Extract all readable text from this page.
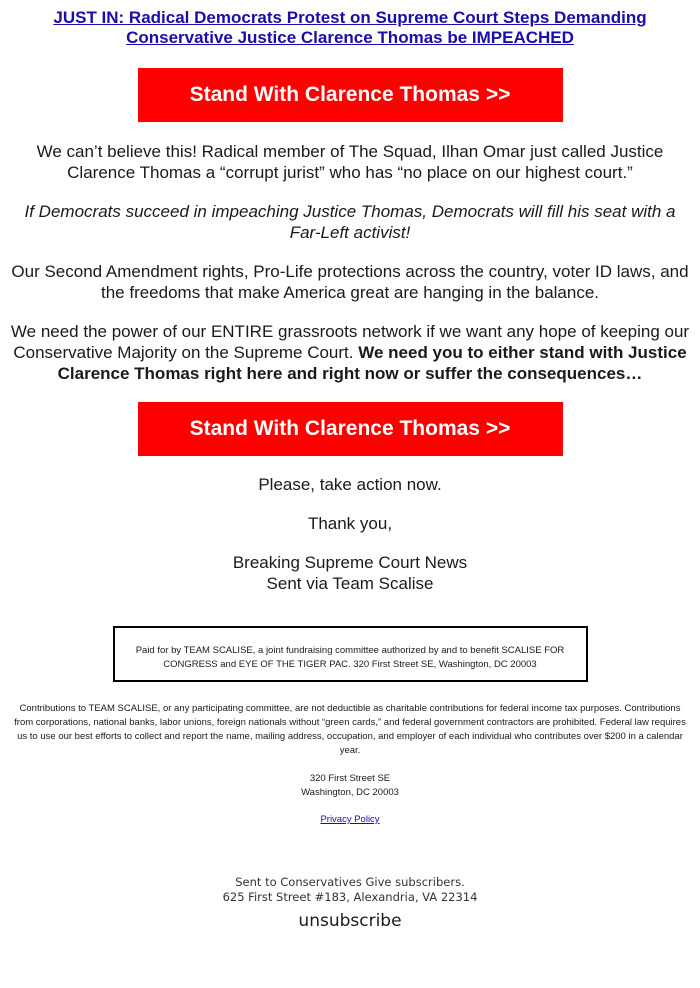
JUST IN: Radical Democrats Protest on Supreme Court Steps Demanding Conservative Justice Clarence Thomas be IMPEACHED
Stand With Clarence Thomas >>

We can’t believe this! Radical member of The Squad, Ilhan Omar just called Justice Clarence Thomas a “corrupt jurist” who has “no place on our highest court.”

If Democrats succeed in impeaching Justice Thomas, Democrats will fill his seat with a Far-Left activist!

Our Second Amendment rights, Pro-Life protections across the country, voter ID laws, and the freedoms that make America great are hanging in the balance.

We need the power of our ENTIRE grassroots network if we want any hope of keeping our Conservative Majority on the Supreme Court. We need you to either stand with Justice Clarence Thomas right here and right now or suffer the consequences…

Stand With Clarence Thomas >>

Please, take action now.

Thank you,

Breaking Supreme Court News
Sent via Team Scalise
Paid for by TEAM SCALISE, a joint fundraising committee authorized by and to benefit SCALISE FOR CONGRESS and EYE OF THE TIGER PAC. 320 First Street SE, Washington, DC 20003

Contributions to TEAM SCALISE, or any participating committee, are not deductible as charitable contributions for federal income tax purposes. Contributions from corporations, national banks, labor unions, foreign nationals without “green cards,” and federal government contractors are prohibited. Federal law requires us to use our best efforts to collect and report the name, mailing address, occupation, and employer of each individual who contributes over $200 in a calendar year.

320 First Street SE
Washington, DC 20003
Privacy Policy
Sent to Conservatives Give subscribers.
625 First Street #183, Alexandria, VA 22314
unsubscribe
